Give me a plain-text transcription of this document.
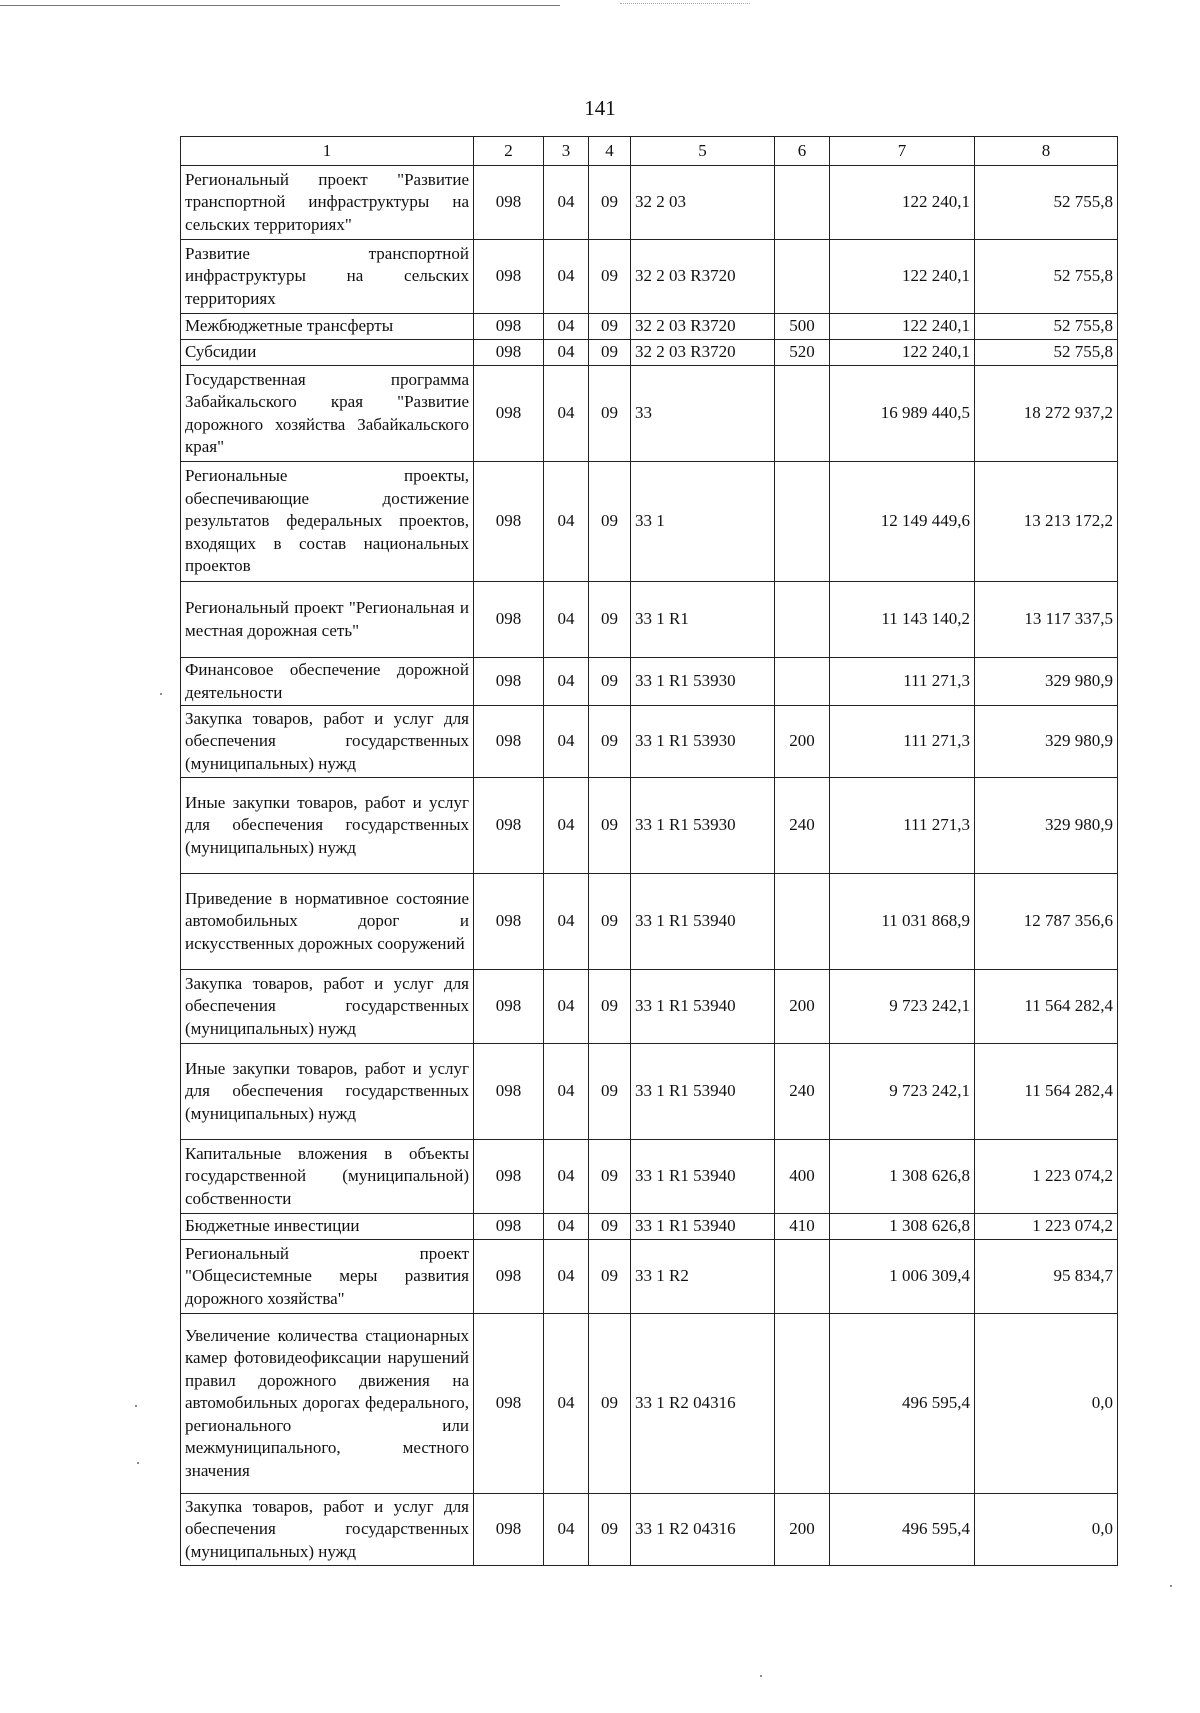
141
1	2	3	4	5	6	7	8
Региональный проект "Развитие транспортной инфраструктуры на сельских территориях"	098	04	09	32 2 03		122 240,1	52 755,8
Развитие транспортной инфраструктуры на сельских территориях	098	04	09	32 2 03 R3720		122 240,1	52 755,8
Межбюджетные трансферты	098	04	09	32 2 03 R3720	500	122 240,1	52 755,8
Субсидии	098	04	09	32 2 03 R3720	520	122 240,1	52 755,8
Государственная программа Забайкальского края "Развитие дорожного хозяйства Забайкальского края"	098	04	09	33		16 989 440,5	18 272 937,2
Региональные проекты, обеспечивающие достижение результатов федеральных проектов, входящих в состав национальных проектов	098	04	09	33 1		12 149 449,6	13 213 172,2
Региональный проект "Региональная и местная дорожная сеть"	098	04	09	33 1 R1		11 143 140,2	13 117 337,5
Финансовое обеспечение дорожной деятельности	098	04	09	33 1 R1 53930		111 271,3	329 980,9
Закупка товаров, работ и услуг для обеспечения государственных (муниципальных) нужд	098	04	09	33 1 R1 53930	200	111 271,3	329 980,9
Иные закупки товаров, работ и услуг для обеспечения государственных (муниципальных) нужд	098	04	09	33 1 R1 53930	240	111 271,3	329 980,9
Приведение в нормативное состояние автомобильных дорог и искусственных дорожных сооружений	098	04	09	33 1 R1 53940		11 031 868,9	12 787 356,6
Закупка товаров, работ и услуг для обеспечения государственных (муниципальных) нужд	098	04	09	33 1 R1 53940	200	9 723 242,1	11 564 282,4
Иные закупки товаров, работ и услуг для обеспечения государственных (муниципальных) нужд	098	04	09	33 1 R1 53940	240	9 723 242,1	11 564 282,4
Капитальные вложения в объекты государственной (муниципальной) собственности	098	04	09	33 1 R1 53940	400	1 308 626,8	1 223 074,2
Бюджетные инвестиции	098	04	09	33 1 R1 53940	410	1 308 626,8	1 223 074,2
Региональный проект "Общесистемные меры развития дорожного хозяйства"	098	04	09	33 1 R2		1 006 309,4	95 834,7
Увеличение количества стационарных камер фотовидеофиксации нарушений правил дорожного движения на автомобильных дорогах федерального, регионального или межмуниципального, местного значения	098	04	09	33 1 R2 04316		496 595,4	0,0
Закупка товаров, работ и услуг для обеспечения государственных (муниципальных) нужд	098	04	09	33 1 R2 04316	200	496 595,4	0,0
